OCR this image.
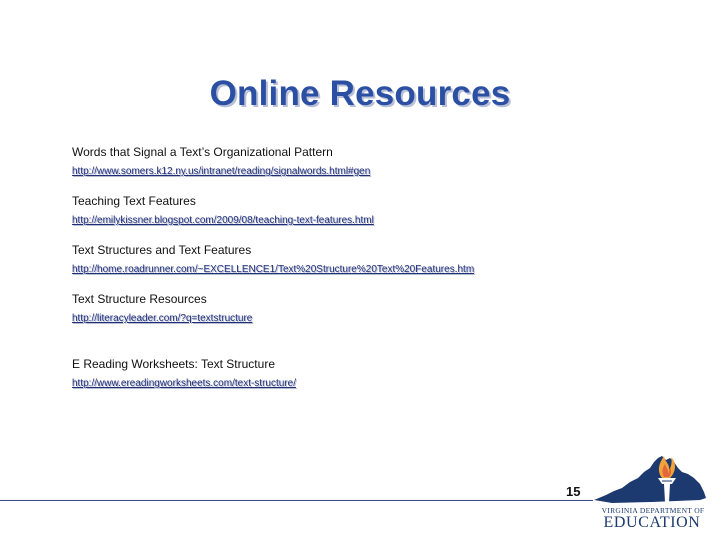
Online Resources
Words that Signal a Text’s Organizational Pattern
http://www.somers.k12.ny.us/intranet/reading/signalwords.html#gen
Teaching Text Features
http://emilykissner.blogspot.com/2009/08/teaching-text-features.html
Text Structures and Text Features
http://home.roadrunner.com/~EXCELLENCE1/Text%20Structure%20Text%20Features.htm
Text Structure Resources
http://literacyleader.com/?q=textstructure
E Reading Worksheets: Text Structure
http://www.ereadingworksheets.com/text-structure/
15
VIRGINIA DEPARTMENT OF
EDUCATION
